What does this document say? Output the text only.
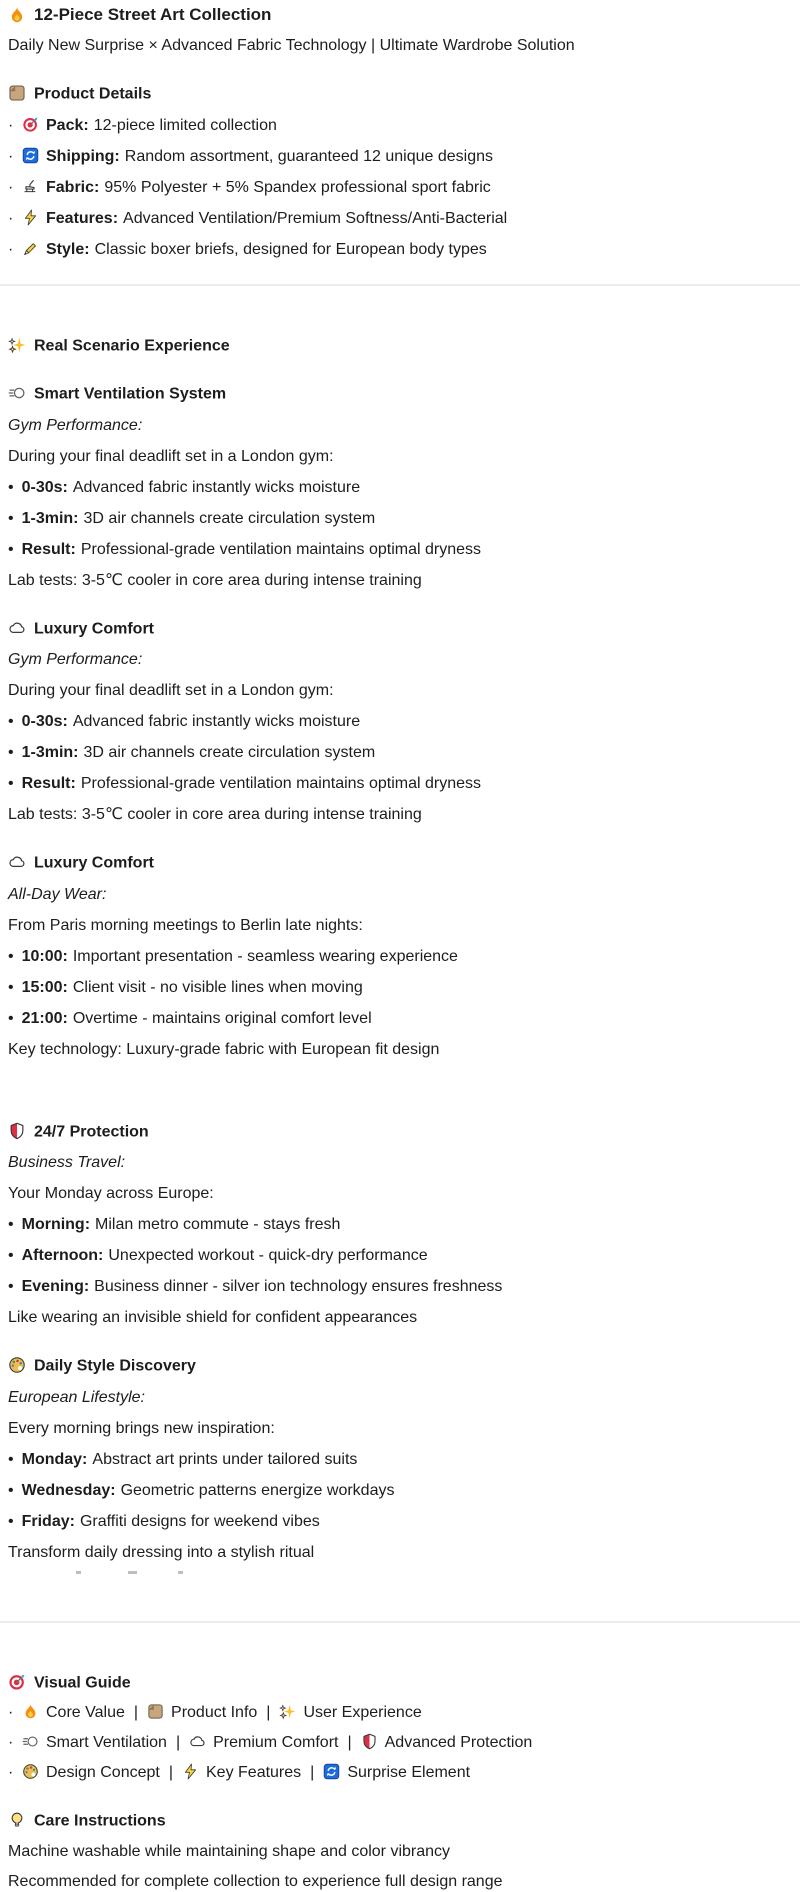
12-Piece Street Art Collection
Daily New Surprise × Advanced Fabric Technology | Ultimate Wardrobe Solution
Product Details
· Pack: 12-piece limited collection
· Shipping: Random assortment, guaranteed 12 unique designs
· Fabric: 95% Polyester + 5% Spandex professional sport fabric
· Features: Advanced Ventilation/Premium Softness/Anti-Bacterial
· Style: Classic boxer briefs, designed for European body types
Real Scenario Experience
Smart Ventilation System
Gym Performance:
During your final deadlift set in a London gym:
• 0-30s: Advanced fabric instantly wicks moisture
• 1-3min: 3D air channels create circulation system
• Result: Professional-grade ventilation maintains optimal dryness
Lab tests: 3-5℃ cooler in core area during intense training
Luxury Comfort
Gym Performance:
During your final deadlift set in a London gym:
• 0-30s: Advanced fabric instantly wicks moisture
• 1-3min: 3D air channels create circulation system
• Result: Professional-grade ventilation maintains optimal dryness
Lab tests: 3-5℃ cooler in core area during intense training
Luxury Comfort
All-Day Wear:
From Paris morning meetings to Berlin late nights:
• 10:00: Important presentation - seamless wearing experience
• 15:00: Client visit - no visible lines when moving
• 21:00: Overtime - maintains original comfort level
Key technology: Luxury-grade fabric with European fit design
24/7 Protection
Business Travel:
Your Monday across Europe:
• Morning: Milan metro commute - stays fresh
• Afternoon: Unexpected workout - quick-dry performance
• Evening: Business dinner - silver ion technology ensures freshness
Like wearing an invisible shield for confident appearances
Daily Style Discovery
European Lifestyle:
Every morning brings new inspiration:
• Monday: Abstract art prints under tailored suits
• Wednesday: Geometric patterns energize workdays
• Friday: Graffiti designs for weekend vibes
Transform daily dressing into a stylish ritual
Visual Guide
· Core Value | Product Info | User Experience
· Smart Ventilation | Premium Comfort | Advanced Protection
· Design Concept | Key Features | Surprise Element
Care Instructions
Machine washable while maintaining shape and color vibrancy
Recommended for complete collection to experience full design range
